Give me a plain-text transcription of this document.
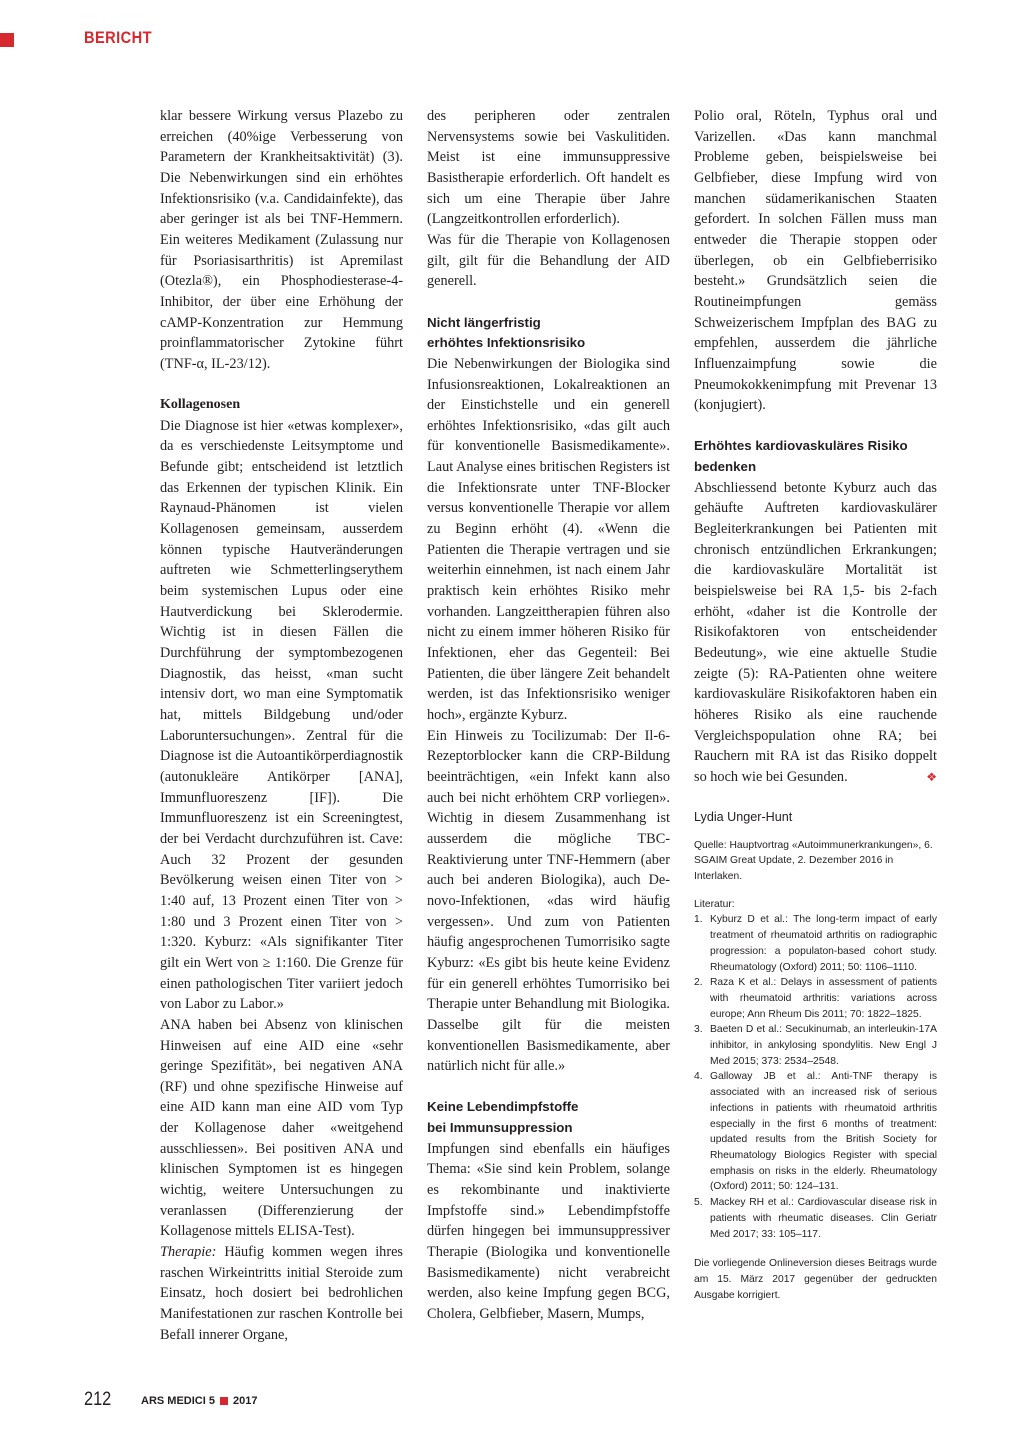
BERICHT

klar bessere Wirkung versus Plazebo zu erreichen (40%ige Verbesserung von Parametern der Krankheitsaktivität) (3). Die Nebenwirkungen sind ein erhöhtes Infektionsrisiko (v.a. Candidainfekte), das aber geringer ist als bei TNF-Hemmern. Ein weiteres Medikament (Zulassung nur für Psoriasisarthritis) ist Apremilast (Otezla®), ein Phosphodiesterase-4-Inhibitor, der über eine Erhöhung der cAMP-Konzentration zur Hemmung proinflammatorischer Zytokine führt (TNF-α, IL-23/12).

Kollagenosen

Die Diagnose ist hier «etwas komplexer», da es verschiedenste Leitsymptome und Befunde gibt; entscheidend ist letztlich das Erkennen der typischen Klinik. Ein Raynaud-Phänomen ist vielen Kollagenosen gemeinsam, ausserdem können typische Hautveränderungen auftreten wie Schmetterlingserythem beim systemischen Lupus oder eine Hautverdickung bei Sklerodermie. Wichtig ist in diesen Fällen die Durchführung der symptombezogenen Diagnostik, das heisst, «man sucht intensiv dort, wo man eine Symptomatik hat, mittels Bildgebung und/oder Laboruntersuchungen». Zentral für die Diagnose ist die Autoantikörperdiagnostik (autonukleäre Antikörper [ANA], Immunfluoreszenz [IF]). Die Immunfluoreszenz ist ein Screeningtest, der bei Verdacht durchzuführen ist. Cave: Auch 32 Prozent der gesunden Bevölkerung weisen einen Titer von > 1:40 auf, 13 Prozent einen Titer von > 1:80 und 3 Prozent einen Titer von > 1:320. Kyburz: «Als signifikanter Titer gilt ein Wert von ≥ 1:160. Die Grenze für einen pathologischen Titer variiert jedoch von Labor zu Labor.»

ANA haben bei Absenz von klinischen Hinweisen auf eine AID eine «sehr geringe Spezifität», bei negativen ANA (RF) und ohne spezifische Hinweise auf eine AID kann man eine AID vom Typ der Kollagenose daher «weitgehend ausschliessen». Bei positiven ANA und klinischen Symptomen ist es hingegen wichtig, weitere Untersuchungen zu veranlassen (Differenzierung der Kollagenose mittels ELISA-Test).

Therapie: Häufig kommen wegen ihres raschen Wirkeintritts initial Steroide zum Einsatz, hoch dosiert bei bedrohlichen Manifestationen zur raschen Kontrolle bei Befall innerer Organe,

des peripheren oder zentralen Nervensystems sowie bei Vaskulitiden. Meist ist eine immunsuppressive Basistherapie erforderlich. Oft handelt es sich um eine Therapie über Jahre (Langzeitkontrollen erforderlich).

Was für die Therapie von Kollagenosen gilt, gilt für die Behandlung der AID generell.

Nicht längerfristig
erhöhtes Infektionsrisiko

Die Nebenwirkungen der Biologika sind Infusionsreaktionen, Lokalreaktionen an der Einstichstelle und ein generell erhöhtes Infektionsrisiko, «das gilt auch für konventionelle Basismedikamente». Laut Analyse eines britischen Registers ist die Infektionsrate unter TNF-Blocker versus konventionelle Therapie vor allem zu Beginn erhöht (4). «Wenn die Patienten die Therapie vertragen und sie weiterhin einnehmen, ist nach einem Jahr praktisch kein erhöhtes Risiko mehr vorhanden. Langzeittherapien führen also nicht zu einem immer höheren Risiko für Infektionen, eher das Gegenteil: Bei Patienten, die über längere Zeit behandelt werden, ist das Infektionsrisiko weniger hoch», ergänzte Kyburz.

Ein Hinweis zu Tocilizumab: Der Il-6-Rezeptorblocker kann die CRP-Bildung beeinträchtigen, «ein Infekt kann also auch bei nicht erhöhtem CRP vorliegen». Wichtig in diesem Zusammenhang ist ausserdem die mögliche TBC-Reaktivierung unter TNF-Hemmern (aber auch bei anderen Biologika), auch De-novo-Infektionen, «das wird häufig vergessen». Und zum von Patienten häufig angesprochenen Tumorrisiko sagte Kyburz: «Es gibt bis heute keine Evidenz für ein generell erhöhtes Tumorrisiko bei Therapie unter Behandlung mit Biologika. Dasselbe gilt für die meisten konventionellen Basismedikamente, aber natürlich nicht für alle.»

Keine Lebendimpfstoffe
bei Immunsuppression

Impfungen sind ebenfalls ein häufiges Thema: «Sie sind kein Problem, solange es rekombinante und inaktivierte Impfstoffe sind.» Lebendimpfstoffe dürfen hingegen bei immunsuppressiver Therapie (Biologika und konventionelle Basismedikamente) nicht verabreicht werden, also keine Impfung gegen BCG, Cholera, Gelbfieber, Masern, Mumps,

Polio oral, Röteln, Typhus oral und Varizellen. «Das kann manchmal Probleme geben, beispielsweise bei Gelbfieber, diese Impfung wird von manchen südamerikanischen Staaten gefordert. In solchen Fällen muss man entweder die Therapie stoppen oder überlegen, ob ein Gelbfieberrisiko besteht.» Grundsätzlich seien die Routineimpfungen gemäss Schweizerischem Impfplan des BAG zu empfehlen, ausserdem die jährliche Influenzaimpfung sowie die Pneumokokkenimpfung mit Prevenar 13 (konjugiert).

Erhöhtes kardiovaskuläres Risiko
bedenken

Abschliessend betonte Kyburz auch das gehäufte Auftreten kardiovaskulärer Begleiterkrankungen bei Patienten mit chronisch entzündlichen Erkrankungen; die kardiovaskuläre Mortalität ist beispielsweise bei RA 1,5- bis 2-fach erhöht, «daher ist die Kontrolle der Risikofaktoren von entscheidender Bedeutung», wie eine aktuelle Studie zeigte (5): RA-Patienten ohne weitere kardiovaskuläre Risikofaktoren haben ein höheres Risiko als eine rauchende Vergleichspopulation ohne RA; bei Rauchern mit RA ist das Risiko doppelt so hoch wie bei Gesunden.	❖

Lydia Unger-Hunt
Quelle: Hauptvortrag «Autoimmunerkrankungen», 6. SGAIM Great Update, 2. Dezember 2016 in Interlaken.
Literatur:
1. Kyburz D et al.: The long-term impact of early treatment of rheumatoid arthritis on radiographic progression: a populaton-based cohort study. Rheumatology (Oxford) 2011; 50: 1106–1110.
2. Raza K et al.: Delays in assessment of patients with rheumatoid arthritis: variations across europe; Ann Rheum Dis 2011; 70: 1822–1825.
3. Baeten D et al.: Secukinumab, an interleukin-17A inhibitor, in ankylosing spondylitis. New Engl J Med 2015; 373: 2534–2548.
4. Galloway JB et al.: Anti-TNF therapy is associated with an increased risk of serious infections in patients with rheumatoid arthritis especially in the first 6 months of treatment: updated results from the British Society for Rheumatology Biologics Register with special emphasis on risks in the elderly. Rheumatology (Oxford) 2011; 50: 124–131.
5. Mackey RH et al.: Cardiovascular disease risk in patients with rheumatic diseases. Clin Geriatr Med 2017; 33: 105–117.
Die vorliegende Onlineversion dieses Beitrags wurde am 15. März 2017 gegenüber der gedruckten Ausgabe korrigiert.
212	ARS MEDICI 5 2017
